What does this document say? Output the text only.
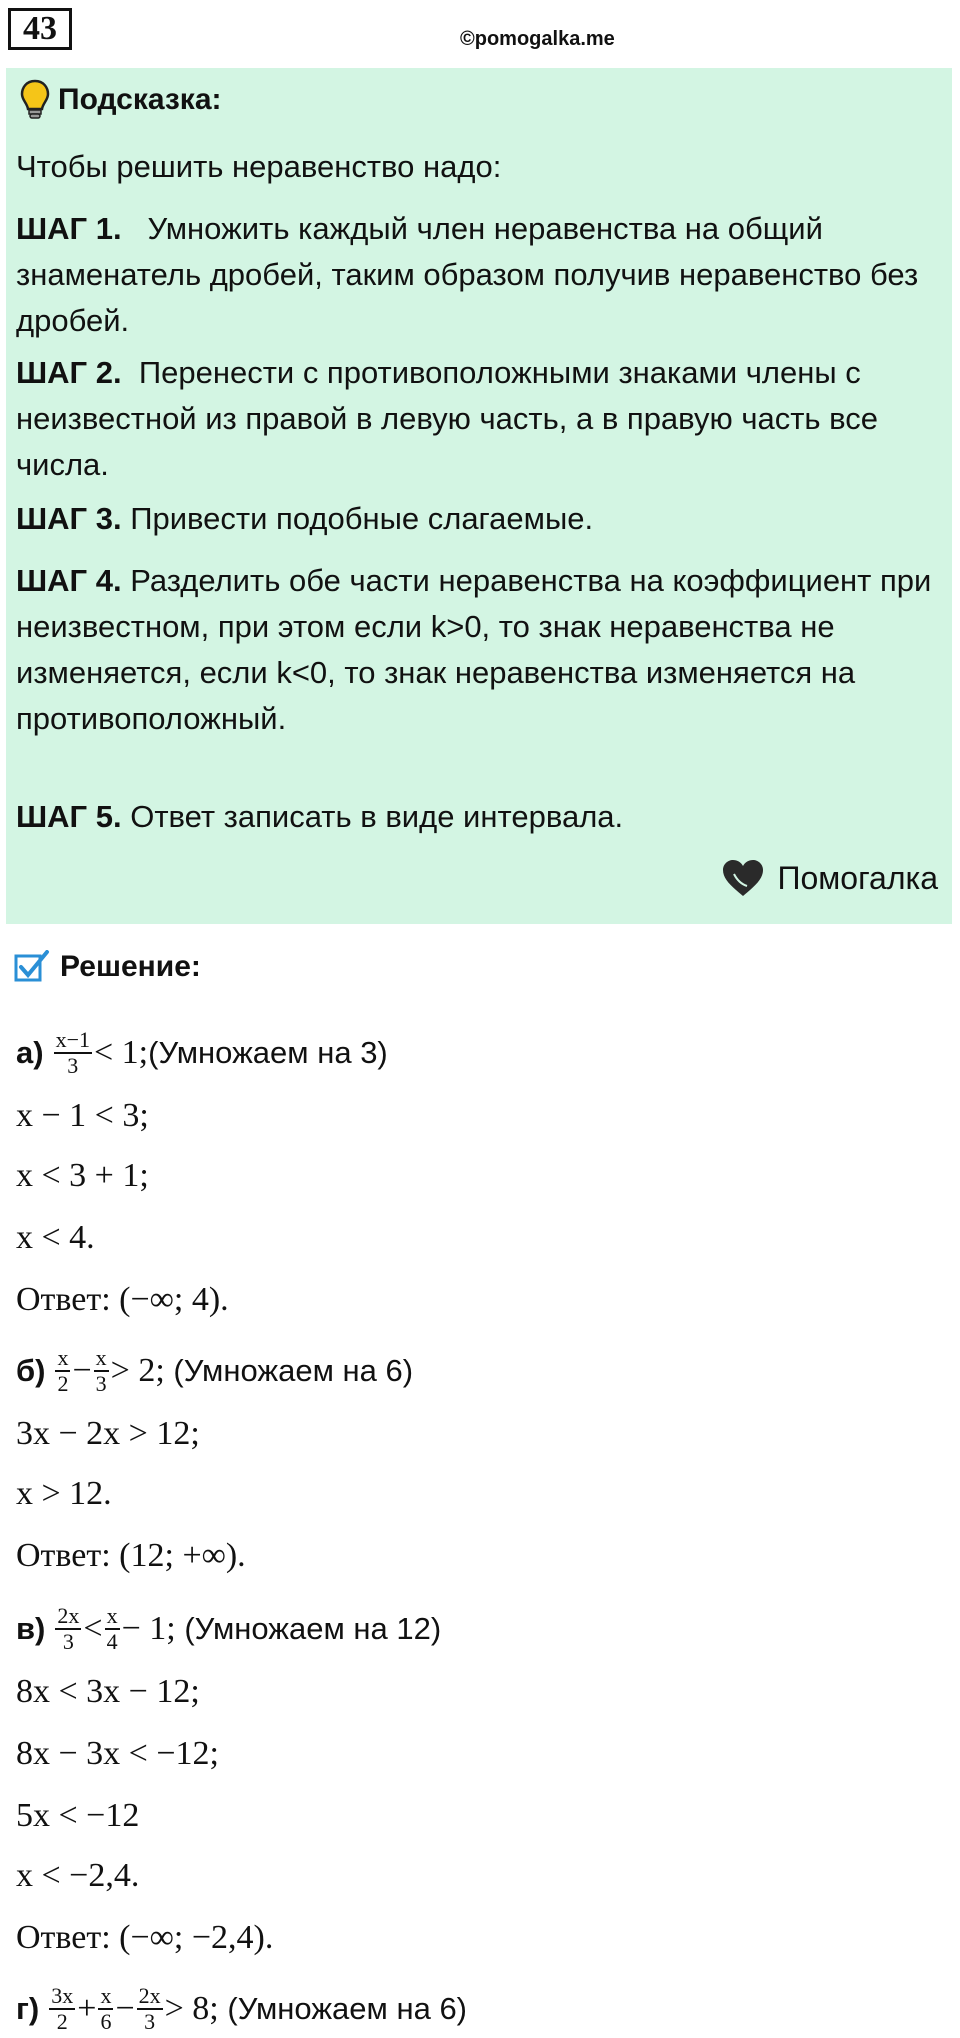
43	©pomogalka.me
Подсказка:

Чтобы решить неравенство надо:

ШАГ 1. Умножить каждый член неравенства на общий знаменатель дробей, таким образом получив неравенство без дробей.

ШАГ 2. Перенести с противоположными знаками члены с неизвестной из правой в левую часть, а в правую часть все числа.

ШАГ 3. Привести подобные слагаемые.

ШАГ 4. Разделить обе части неравенства на коэффициент при неизвестном, при этом если k>0, то знак неравенства не изменяется, если k<0, то знак неравенства изменяется на противоположный.

ШАГ 5. Ответ записать в виде интервала.

Помогалка
Решение:
$а) \frac{x-1}{3} < 1$; (Умножаем на 3)
x − 1 < 3;
x < 3 + 1;
x < 4.
Ответ:
(−∞; 4).
$б) \frac{x}{2} - \frac{x}{3} > 2$;
(Умножаем на 6)
3x − 2x > 12;
x > 12.
Ответ:
(12; +∞).
$в) \frac{2x}{3} < \frac{x}{4} - 1$;
(Умножаем на 12)
8x < 3x − 12;
8x − 3x < −12;
5x < −12
x < −2,4.
Ответ:
(−∞; −2,4).
$г) \frac{3x}{2} + \frac{x}{6} - \frac{2x}{3} > 8$;
(Умножаем на 6)
